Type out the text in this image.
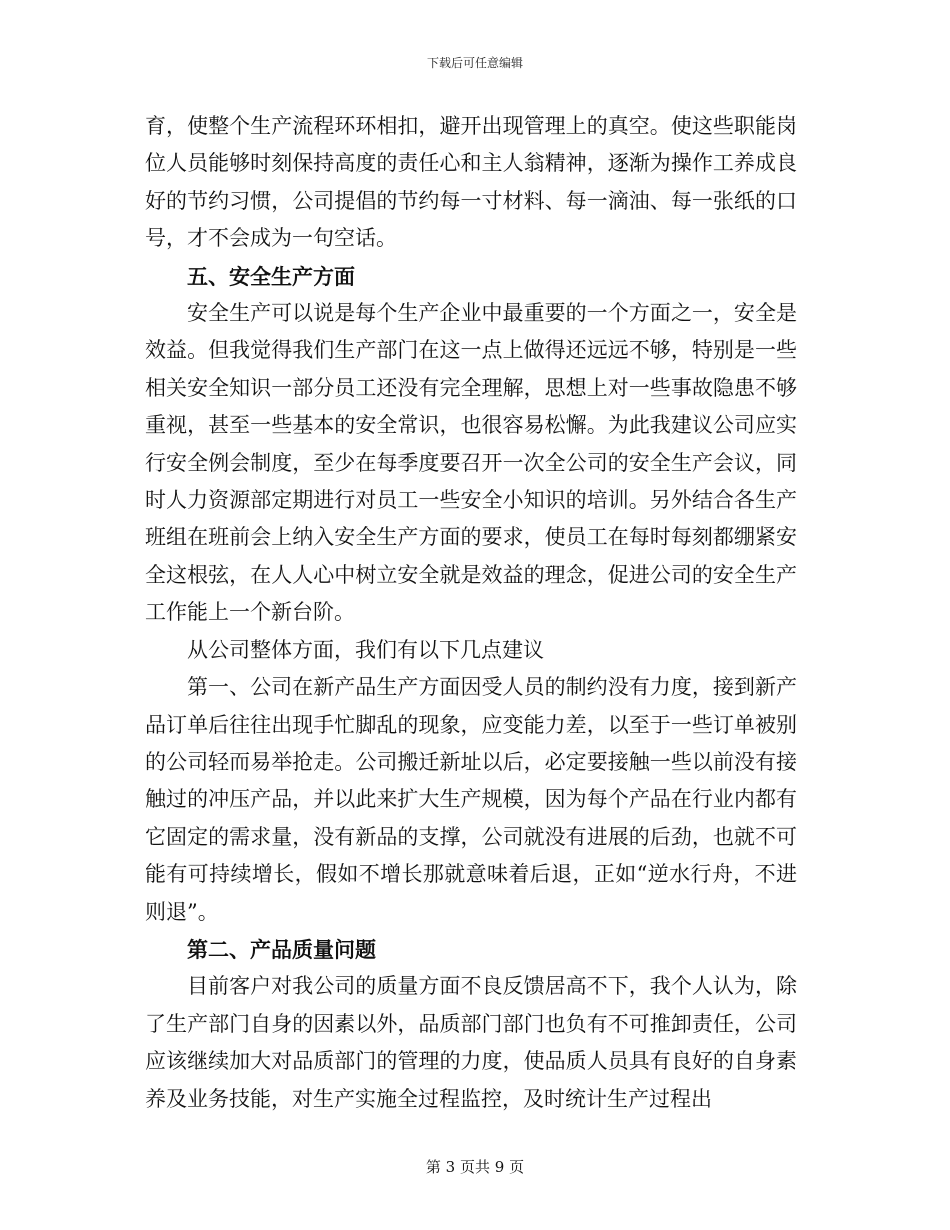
下载后可任意编辑

育，使整个生产流程环环相扣，避开出现管理上的真空。使这些职能岗位人员能够时刻保持高度的责任心和主人翁精神，逐渐为操作工养成良好的节约习惯，公司提倡的节约每一寸材料、每一滴油、每一张纸的口号，才不会成为一句空话。

五、安全生产方面

安全生产可以说是每个生产企业中最重要的一个方面之一，安全是效益。但我觉得我们生产部门在这一点上做得还远远不够，特别是一些相关安全知识一部分员工还没有完全理解，思想上对一些事故隐患不够重视，甚至一些基本的安全常识，也很容易松懈。为此我建议公司应实行安全例会制度，至少在每季度要召开一次全公司的安全生产会议，同时人力资源部定期进行对员工一些安全小知识的培训。另外结合各生产班组在班前会上纳入安全生产方面的要求，使员工在每时每刻都绷紧安全这根弦，在人人心中树立安全就是效益的理念，促进公司的安全生产工作能上一个新台阶。

从公司整体方面，我们有以下几点建议

第一、公司在新产品生产方面因受人员的制约没有力度，接到新产品订单后往往出现手忙脚乱的现象，应变能力差，以至于一些订单被别的公司轻而易举抢走。公司搬迁新址以后，必定要接触一些以前没有接触过的冲压产品，并以此来扩大生产规模，因为每个产品在行业内都有它固定的需求量，没有新品的支撑，公司就没有进展的后劲，也就不可能有可持续增长，假如不增长那就意味着后退，正如“逆水行舟，不进则退”。

第二、产品质量问题

目前客户对我公司的质量方面不良反馈居高不下，我个人认为，除了生产部门自身的因素以外，品质部门部门也负有不可推卸责任，公司应该继续加大对品质部门的管理的力度，使品质人员具有良好的自身素养及业务技能，对生产实施全过程监控，及时统计生产过程出

第 3 页共 9 页
